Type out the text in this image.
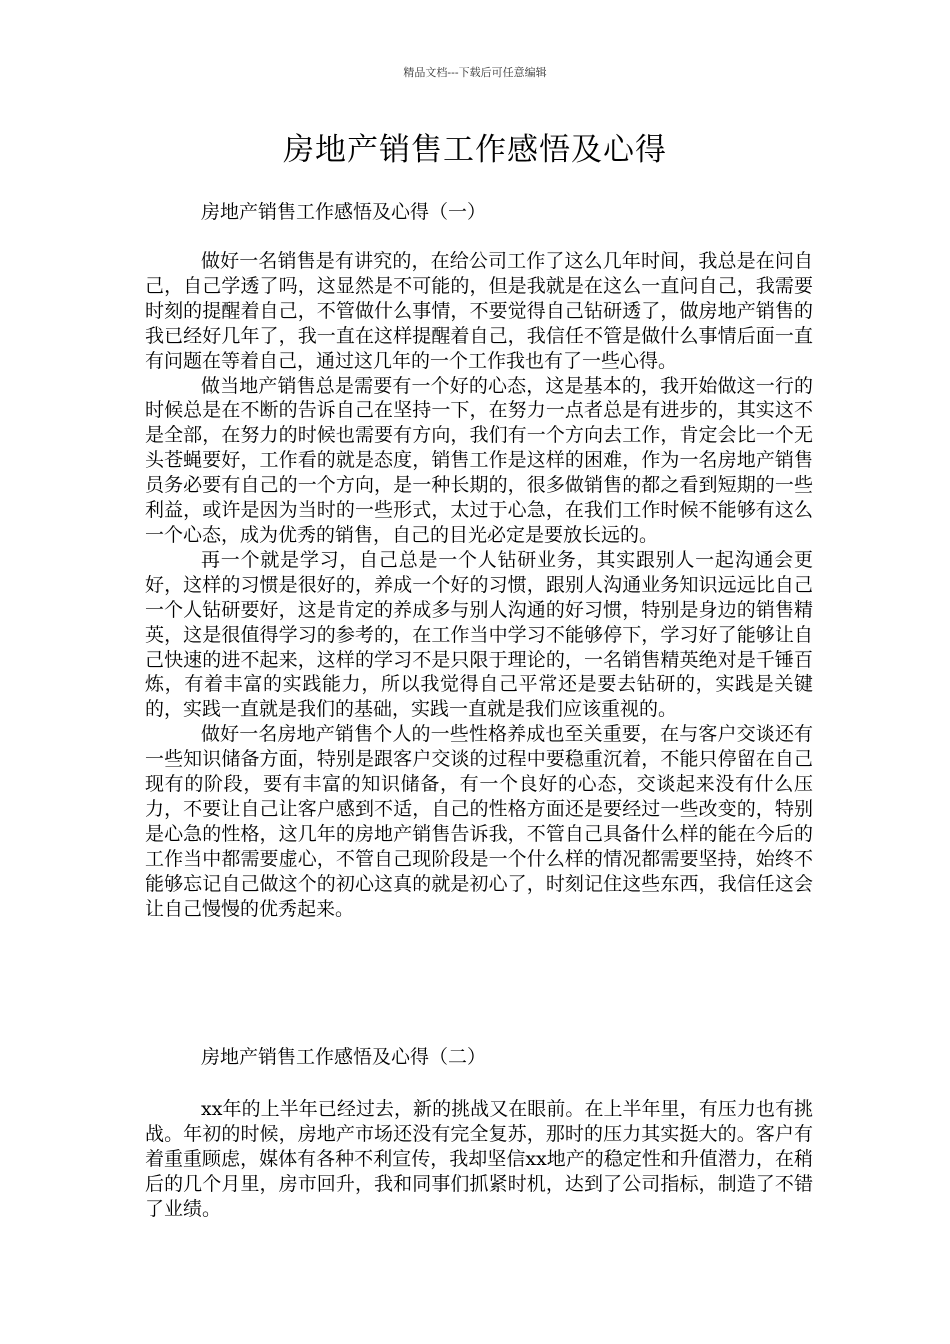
精品文档---下载后可任意编辑
房地产销售工作感悟及心得
房地产销售工作感悟及心得（一）

做好一名销售是有讲究的，在给公司工作了这么几年时间，我总是在问自己，自己学透了吗，这显然是不可能的，但是我就是在这么一直问自己，我需要时刻的提醒着自己，不管做什么事情，不要觉得自己钻研透了，做房地产销售的我已经好几年了，我一直在这样提醒着自己，我信任不管是做什么事情后面一直有问题在等着自己，通过这几年的一个工作我也有了一些心得。

做当地产销售总是需要有一个好的心态，这是基本的，我开始做这一行的时候总是在不断的告诉自己在坚持一下，在努力一点者总是有进步的，其实这不是全部，在努力的时候也需要有方向，我们有一个方向去工作，肯定会比一个无头苍蝇要好，工作看的就是态度，销售工作是这样的困难，作为一名房地产销售员务必要有自己的一个方向，是一种长期的，很多做销售的都之看到短期的一些利益，或许是因为当时的一些形式，太过于心急，在我们工作时候不能够有这么一个心态，成为优秀的销售，自己的目光必定是要放长远的。

再一个就是学习，自己总是一个人钻研业务，其实跟别人一起沟通会更好，这样的习惯是很好的，养成一个好的习惯，跟别人沟通业务知识远远比自己一个人钻研要好，这是肯定的养成多与别人沟通的好习惯，特别是身边的销售精英，这是很值得学习的参考的，在工作当中学习不能够停下，学习好了能够让自己快速的进不起来，这样的学习不是只限于理论的，一名销售精英绝对是千锤百炼，有着丰富的实践能力，所以我觉得自己平常还是要去钻研的，实践是关键的，实践一直就是我们的基础，实践一直就是我们应该重视的。

做好一名房地产销售个人的一些性格养成也至关重要，在与客户交谈还有一些知识储备方面，特别是跟客户交谈的过程中要稳重沉着，不能只停留在自己现有的阶段，要有丰富的知识储备，有一个良好的心态，交谈起来没有什么压力，不要让自己让客户感到不适，自己的性格方面还是要经过一些改变的，特别是心急的性格，这几年的房地产销售告诉我，不管自己具备什么样的能在今后的工作当中都需要虚心，不管自己现阶段是一个什么样的情况都需要坚持，始终不能够忘记自己做这个的初心这真的就是初心了，时刻记住这些东西，我信任这会让自己慢慢的优秀起来。

房地产销售工作感悟及心得（二）

xx年的上半年已经过去，新的挑战又在眼前。在上半年里，有压力也有挑战。年初的时候，房地产市场还没有完全复苏，那时的压力其实挺大的。客户有着重重顾虑，媒体有各种不利宣传，我却坚信xx地产的稳定性和升值潜力，在稍后的几个月里，房市回升，我和同事们抓紧时机，达到了公司指标，制造了不错了业绩。
